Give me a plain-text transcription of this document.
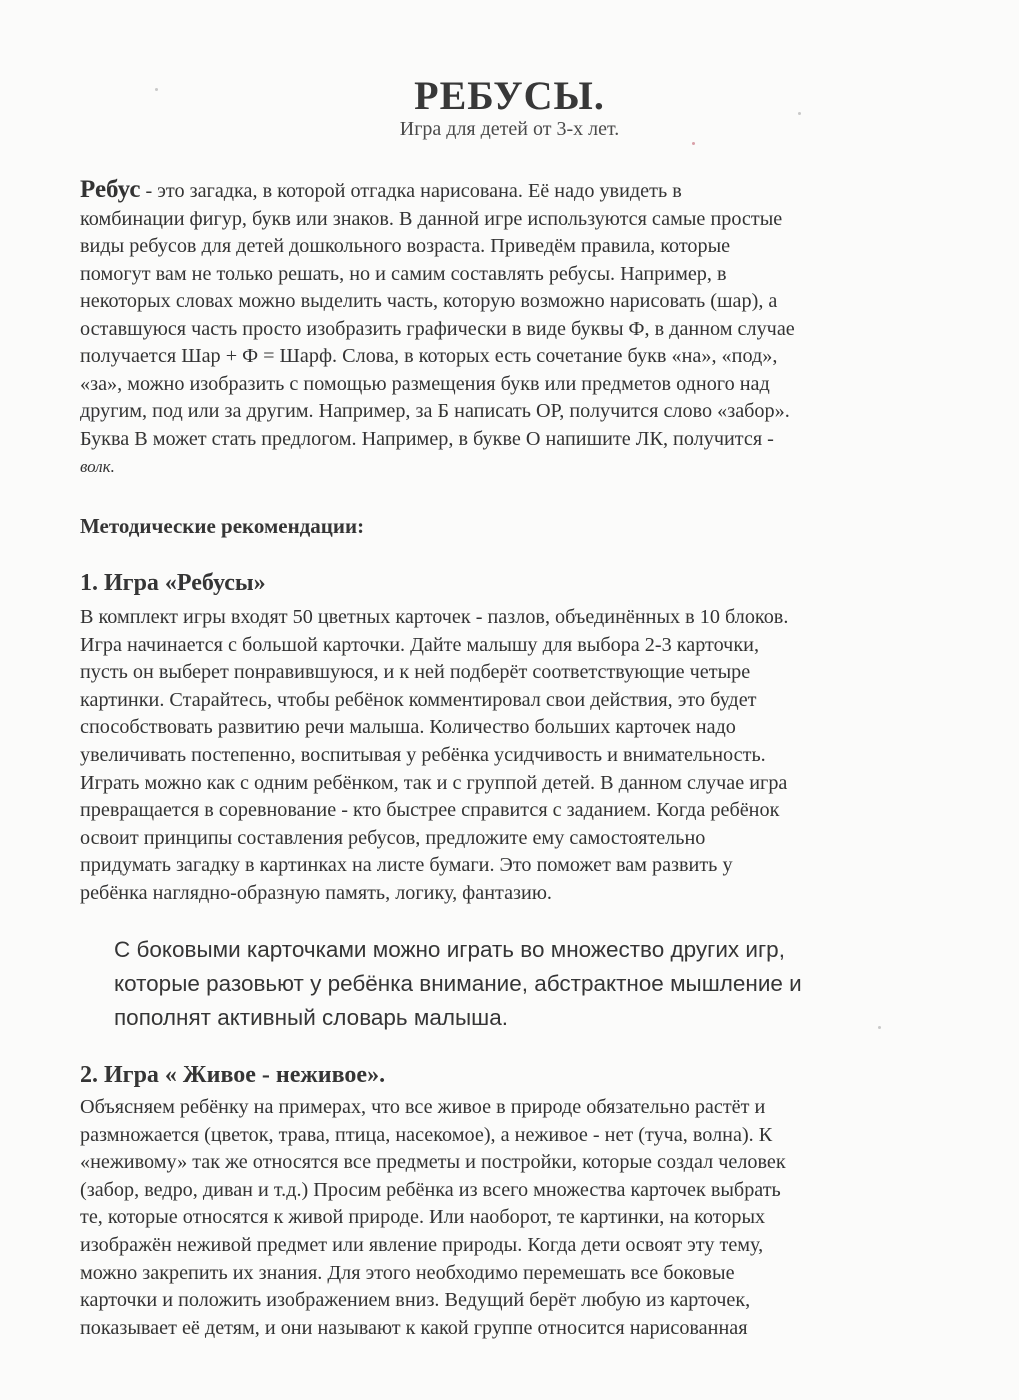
РЕБУСЫ.
Игра для детей от 3-х лет.
Ребус - это загадка, в которой отгадка нарисована. Её надо увидеть в
комбинации фигур, букв или знаков. В данной игре используются самые простые
виды ребусов для детей дошкольного возраста. Приведём правила, которые
помогут вам не только решать, но и самим составлять ребусы. Например, в
некоторых словах можно выделить часть, которую возможно нарисовать (шар), а
оставшуюся часть просто изобразить графически в виде буквы Ф, в данном случае
получается Шар + Ф = Шарф. Слова, в которых есть сочетание букв «на», «под»,
«за», можно изобразить с помощью размещения букв или предметов одного над
другим, под или за другим. Например, за Б написать ОР, получится слово «забор».
Буква В может стать предлогом. Например, в букве О напишите ЛК, получится -
волк.
Методические рекомендации:
1. Игра «Ребусы»
В комплект игры входят 50 цветных карточек - пазлов, объединённых в 10 блоков.
Игра начинается с большой карточки. Дайте малышу для выбора 2-3 карточки,
пусть он выберет понравившуюся, и к ней подберёт соответствующие четыре
картинки. Старайтесь, чтобы ребёнок комментировал свои действия, это будет
способствовать развитию речи малыша. Количество больших карточек надо
увеличивать постепенно, воспитывая у ребёнка усидчивость и внимательность.
Играть можно как с одним ребёнком, так и с группой детей. В данном случае игра
превращается в соревнование - кто быстрее справится с заданием. Когда ребёнок
освоит принципы составления ребусов, предложите ему самостоятельно
придумать загадку в картинках на листе бумаги. Это поможет вам развить у
ребёнка наглядно-образную память, логику, фантазию.
С боковыми карточками можно играть во множество других игр,
которые разовьют у ребёнка внимание, абстрактное мышление и
пополнят активный словарь малыша.
2. Игра « Живое - неживое».
Объясняем ребёнку на примерах, что все живое в природе обязательно растёт и
размножается (цветок, трава, птица, насекомое), а неживое - нет (туча, волна). К
«неживому» так же относятся все предметы и постройки, которые создал человек
(забор, ведро, диван и т.д.) Просим ребёнка из всего множества карточек выбрать
те, которые относятся к живой природе. Или наоборот, те картинки, на которых
изображён неживой предмет или явление природы. Когда дети освоят эту тему,
можно закрепить их знания. Для этого необходимо перемешать все боковые
карточки и положить изображением вниз. Ведущий берёт любую из карточек,
показывает её детям, и они называют к какой группе относится нарисованная
